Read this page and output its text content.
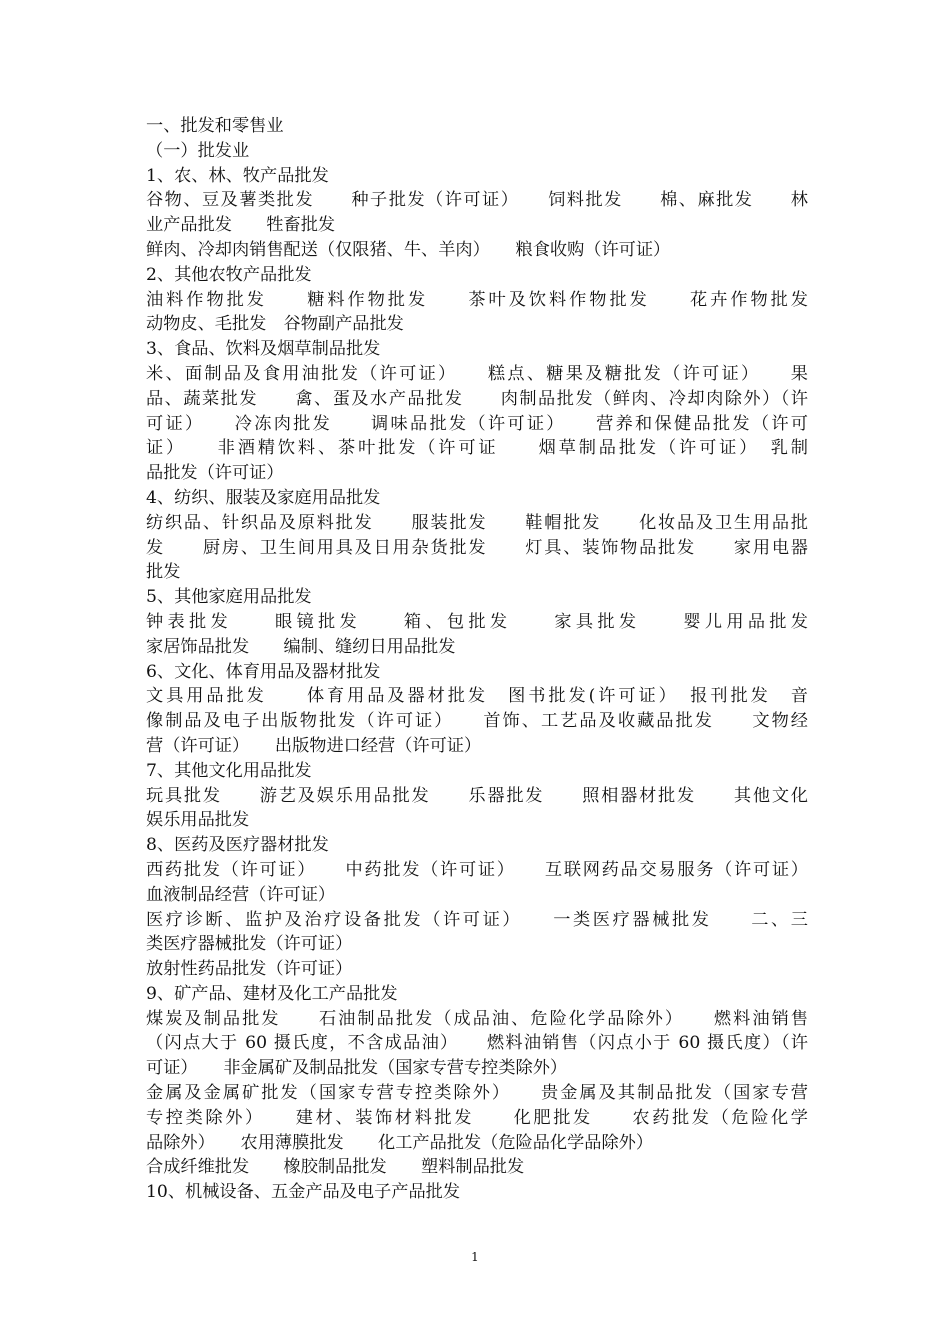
一、批发和零售业
（一）批发业
1、农、林、牧产品批发
谷物、豆及薯类批发　　种子批发（许可证）　　饲料批发　　棉、麻批发　　林
业产品批发　　牲畜批发
鲜肉、冷却肉销售配送（仅限猪、牛、羊肉）　　粮食收购（许可证）
2、其他农牧产品批发
油料作物批发　　糖料作物批发　　茶叶及饮料作物批发　　花卉作物批发
动物皮、毛批发　谷物副产品批发
3、食品、饮料及烟草制品批发
米、面制品及食用油批发（许可证）　　糕点、糖果及糖批发（许可证）　　果
品、蔬菜批发　　禽、蛋及水产品批发　　肉制品批发（鲜肉、冷却肉除外）（许
可证）　　冷冻肉批发　　调味品批发（许可证）　　营养和保健品批发（许可
证）　　非酒精饮料、茶叶批发（许可证　　烟草制品批发（许可证）　乳制
品批发（许可证）
4、纺织、服装及家庭用品批发
纺织品、针织品及原料批发　　服装批发　　鞋帽批发　　化妆品及卫生用品批
发　　厨房、卫生间用具及日用杂货批发　　灯具、装饰物品批发　　家用电器
批发
5、其他家庭用品批发
钟表批发　　眼镜批发　　箱、包批发　　家具批发　　婴儿用品批发
家居饰品批发　　编制、缝纫日用品批发
6、文化、体育用品及器材批发
文具用品批发　　体育用品及器材批发　图书批发(许可证）　报刊批发　音
像制品及电子出版物批发（许可证）　　首饰、工艺品及收藏品批发　　文物经
营（许可证）　　出版物进口经营（许可证）
7、其他文化用品批发
玩具批发　　游艺及娱乐用品批发　　乐器批发　　照相器材批发　　其他文化
娱乐用品批发
8、医药及医疗器材批发
西药批发（许可证）　　中药批发（许可证）　　互联网药品交易服务（许可证）
血液制品经营（许可证）
医疗诊断、监护及治疗设备批发（许可证）　　一类医疗器械批发　　二、三
类医疗器械批发（许可证）
放射性药品批发（许可证）
9、矿产品、建材及化工产品批发
煤炭及制品批发　　石油制品批发（成品油、危险化学品除外）　　燃料油销售
（闪点大于 60 摄氏度，不含成品油）　　燃料油销售（闪点小于 60 摄氏度）（许
可证）　　非金属矿及制品批发（国家专营专控类除外）
金属及金属矿批发（国家专营专控类除外）　　贵金属及其制品批发（国家专营
专控类除外）　　建材、装饰材料批发　　化肥批发　　农药批发（危险化学
品除外）　　农用薄膜批发　　化工产品批发（危险品化学品除外）
合成纤维批发　　橡胶制品批发　　塑料制品批发
10、机械设备、五金产品及电子产品批发
1
